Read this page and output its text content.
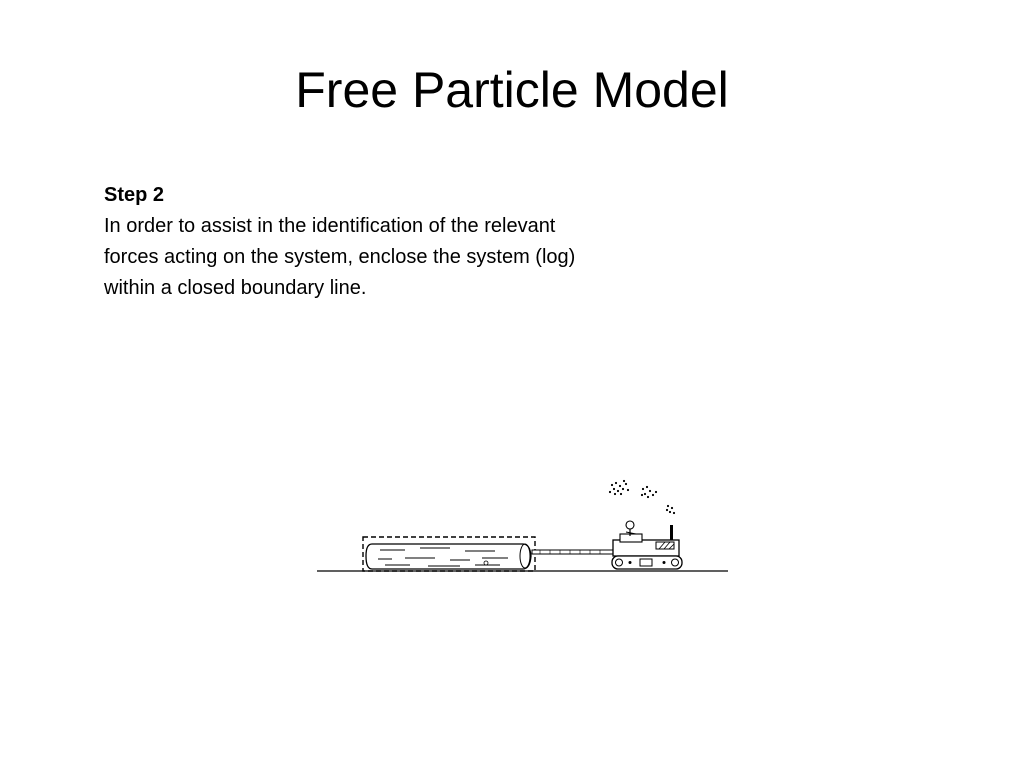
Free Particle Model
Step 2
In order to assist in the identification of the relevant forces acting on the system, enclose the system (log) within a closed boundary line.
